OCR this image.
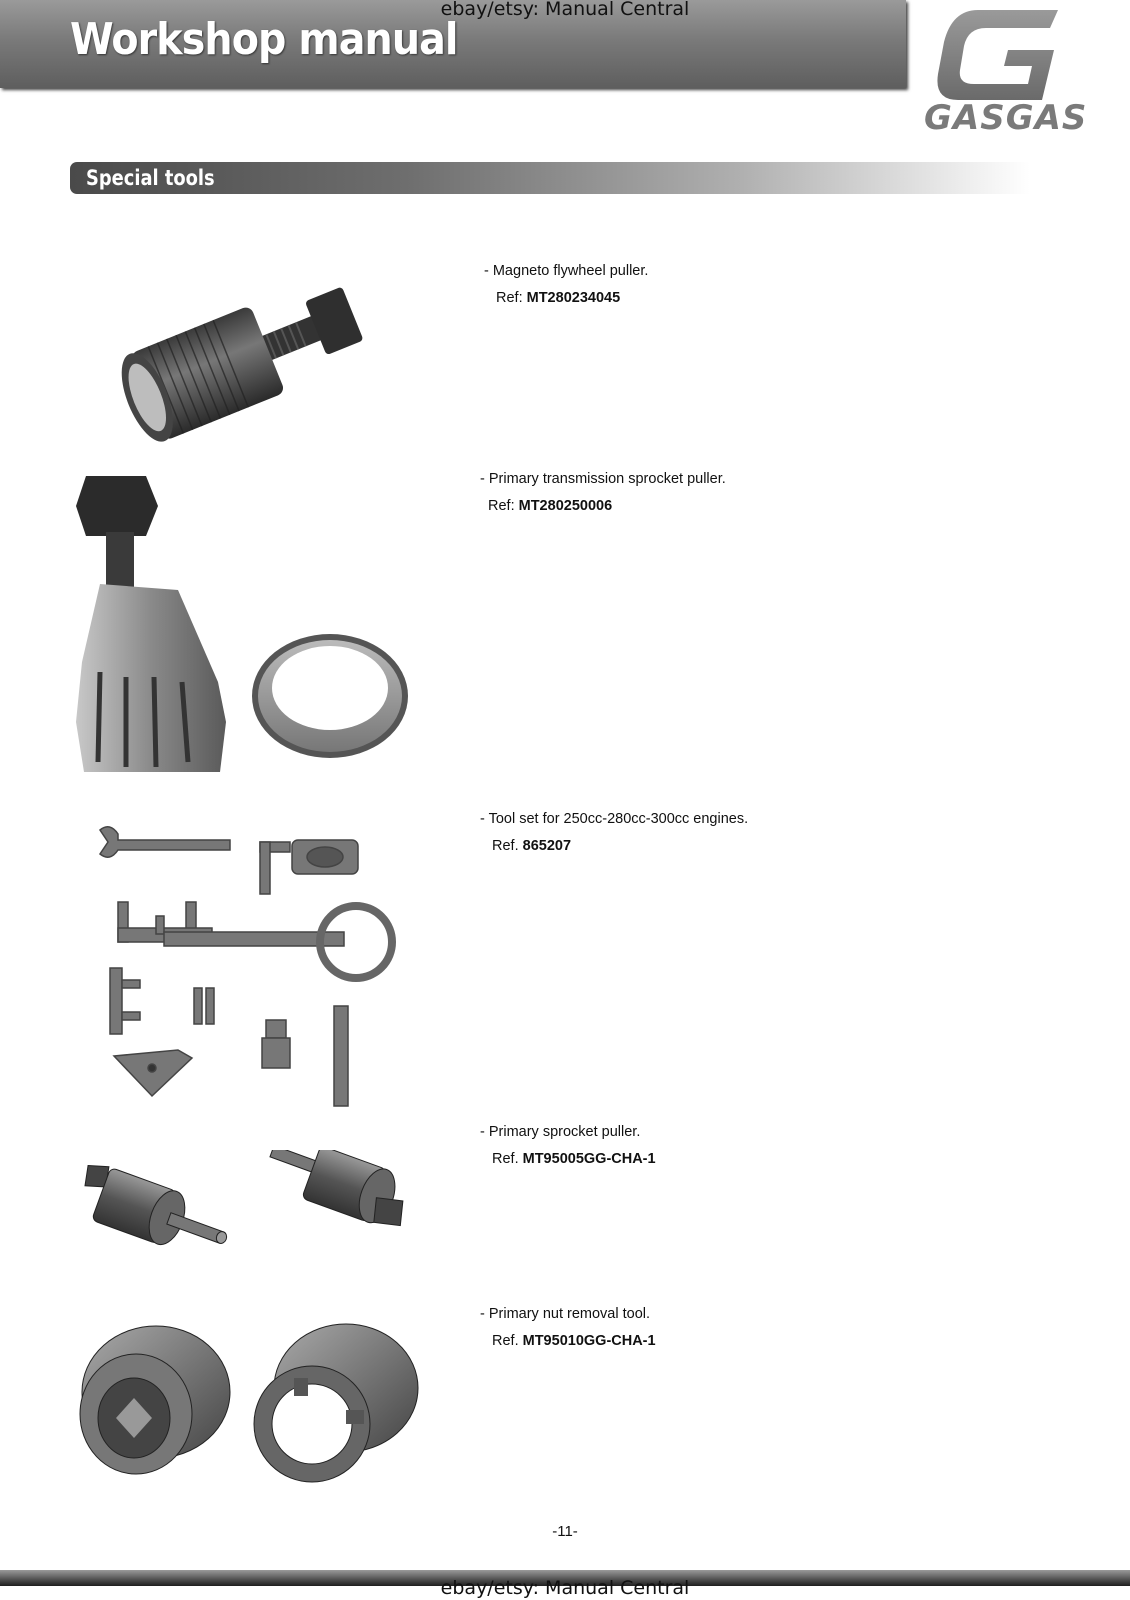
Workshop manual
ebay/etsy: Manual Central
GASGAS
Special tools
- Magneto flywheel puller.
Ref: MT280234045
- Primary transmission sprocket puller.
Ref: MT280250006
- Tool set for 250cc-280cc-300cc engines.
Ref. 865207
- Primary sprocket puller.
Ref. MT95005GG-CHA-1
- Primary nut removal tool.
Ref. MT95010GG-CHA-1
-11-
ebay/etsy: Manual Central
